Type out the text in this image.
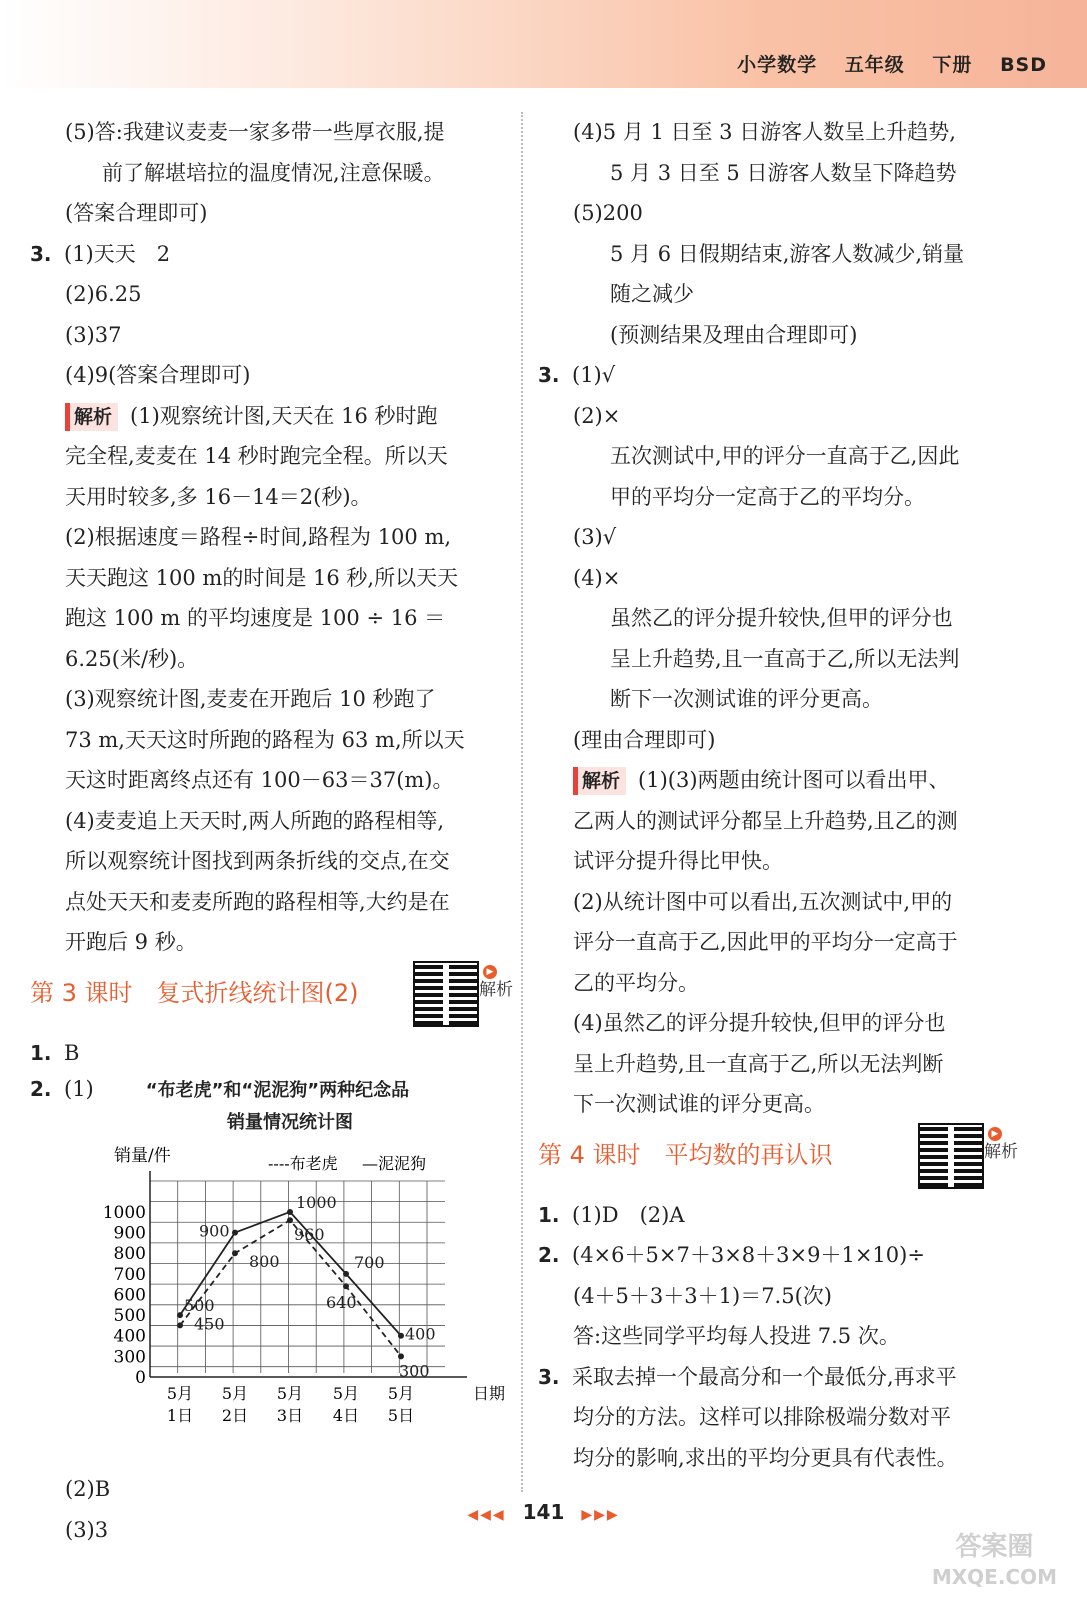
小学数学 五年级 下册 BSD
(5)答:我建议麦麦一家多带一些厚衣服,提
前了解堪培拉的温度情况,注意保暖。
(答案合理即可)
3. (1)天天　2
(2)6.25
(3)37
(4)9(答案合理即可)
解析 (1)观察统计图,天天在 16 秒时跑
完全程,麦麦在 14 秒时跑完全程。所以天
天用时较多,多 16－14＝2(秒)。
(2)根据速度＝路程÷时间,路程为 100 m,
天天跑这 100 m的时间是 16 秒,所以天天
跑这 100 m 的平均速度是 100 ÷ 16 ＝
6.25(米/秒)。
(3)观察统计图,麦麦在开跑后 10 秒跑了
73 m,天天这时所跑的路程为 63 m,所以天
天这时距离终点还有 100－63＝37(m)。
(4)麦麦追上天天时,两人所跑的路程相等,
所以观察统计图找到两条折线的交点,在交
点处天天和麦麦所跑的路程相等,大约是在
开跑后 9 秒。
第 3 课时 复式折线统计图(2)
▶
解析
1. B
2. (1)	“布老虎”和“泥泥狗”两种纪念品
销量情况统计图
销量/件
0
300
400
500
600
700
800
900
1000
5月
1日
5月
2日
5月
3日
5月
4日
5月
5日
日期
----布老虎 —泥泥狗
450
800
960
640
300
500
900
1000
700
400
(2)B
(3)3
(4)5 月 1 日至 3 日游客人数呈上升趋势,
5 月 3 日至 5 日游客人数呈下降趋势
(5)200
5 月 6 日假期结束,游客人数减少,销量
随之减少
(预测结果及理由合理即可)
3. (1)√
(2)×
五次测试中,甲的评分一直高于乙,因此
甲的平均分一定高于乙的平均分。
(3)√
(4)×
虽然乙的评分提升较快,但甲的评分也
呈上升趋势,且一直高于乙,所以无法判
断下一次测试谁的评分更高。
(理由合理即可)
解析 (1)(3)两题由统计图可以看出甲、
乙两人的测试评分都呈上升趋势,且乙的测
试评分提升得比甲快。
(2)从统计图中可以看出,五次测试中,甲的
评分一直高于乙,因此甲的平均分一定高于
乙的平均分。
(4)虽然乙的评分提升较快,但甲的评分也
呈上升趋势,且一直高于乙,所以无法判断
下一次测试谁的评分更高。
第 4 课时 平均数的再认识
▶
解析
1. (1)D　(2)A
2. (4×6＋5×7＋3×8＋3×9＋1×10)÷
(4＋5＋3＋3＋1)＝7.5(次)
答:这些同学平均每人投进 7.5 次。
3. 采取去掉一个最高分和一个最低分,再求平
均分的方法。这样可以排除极端分数对平
均分的影响,求出的平均分更具有代表性。
◀◀◀ 141 ▶▶▶
答案圈
MXQE.COM
